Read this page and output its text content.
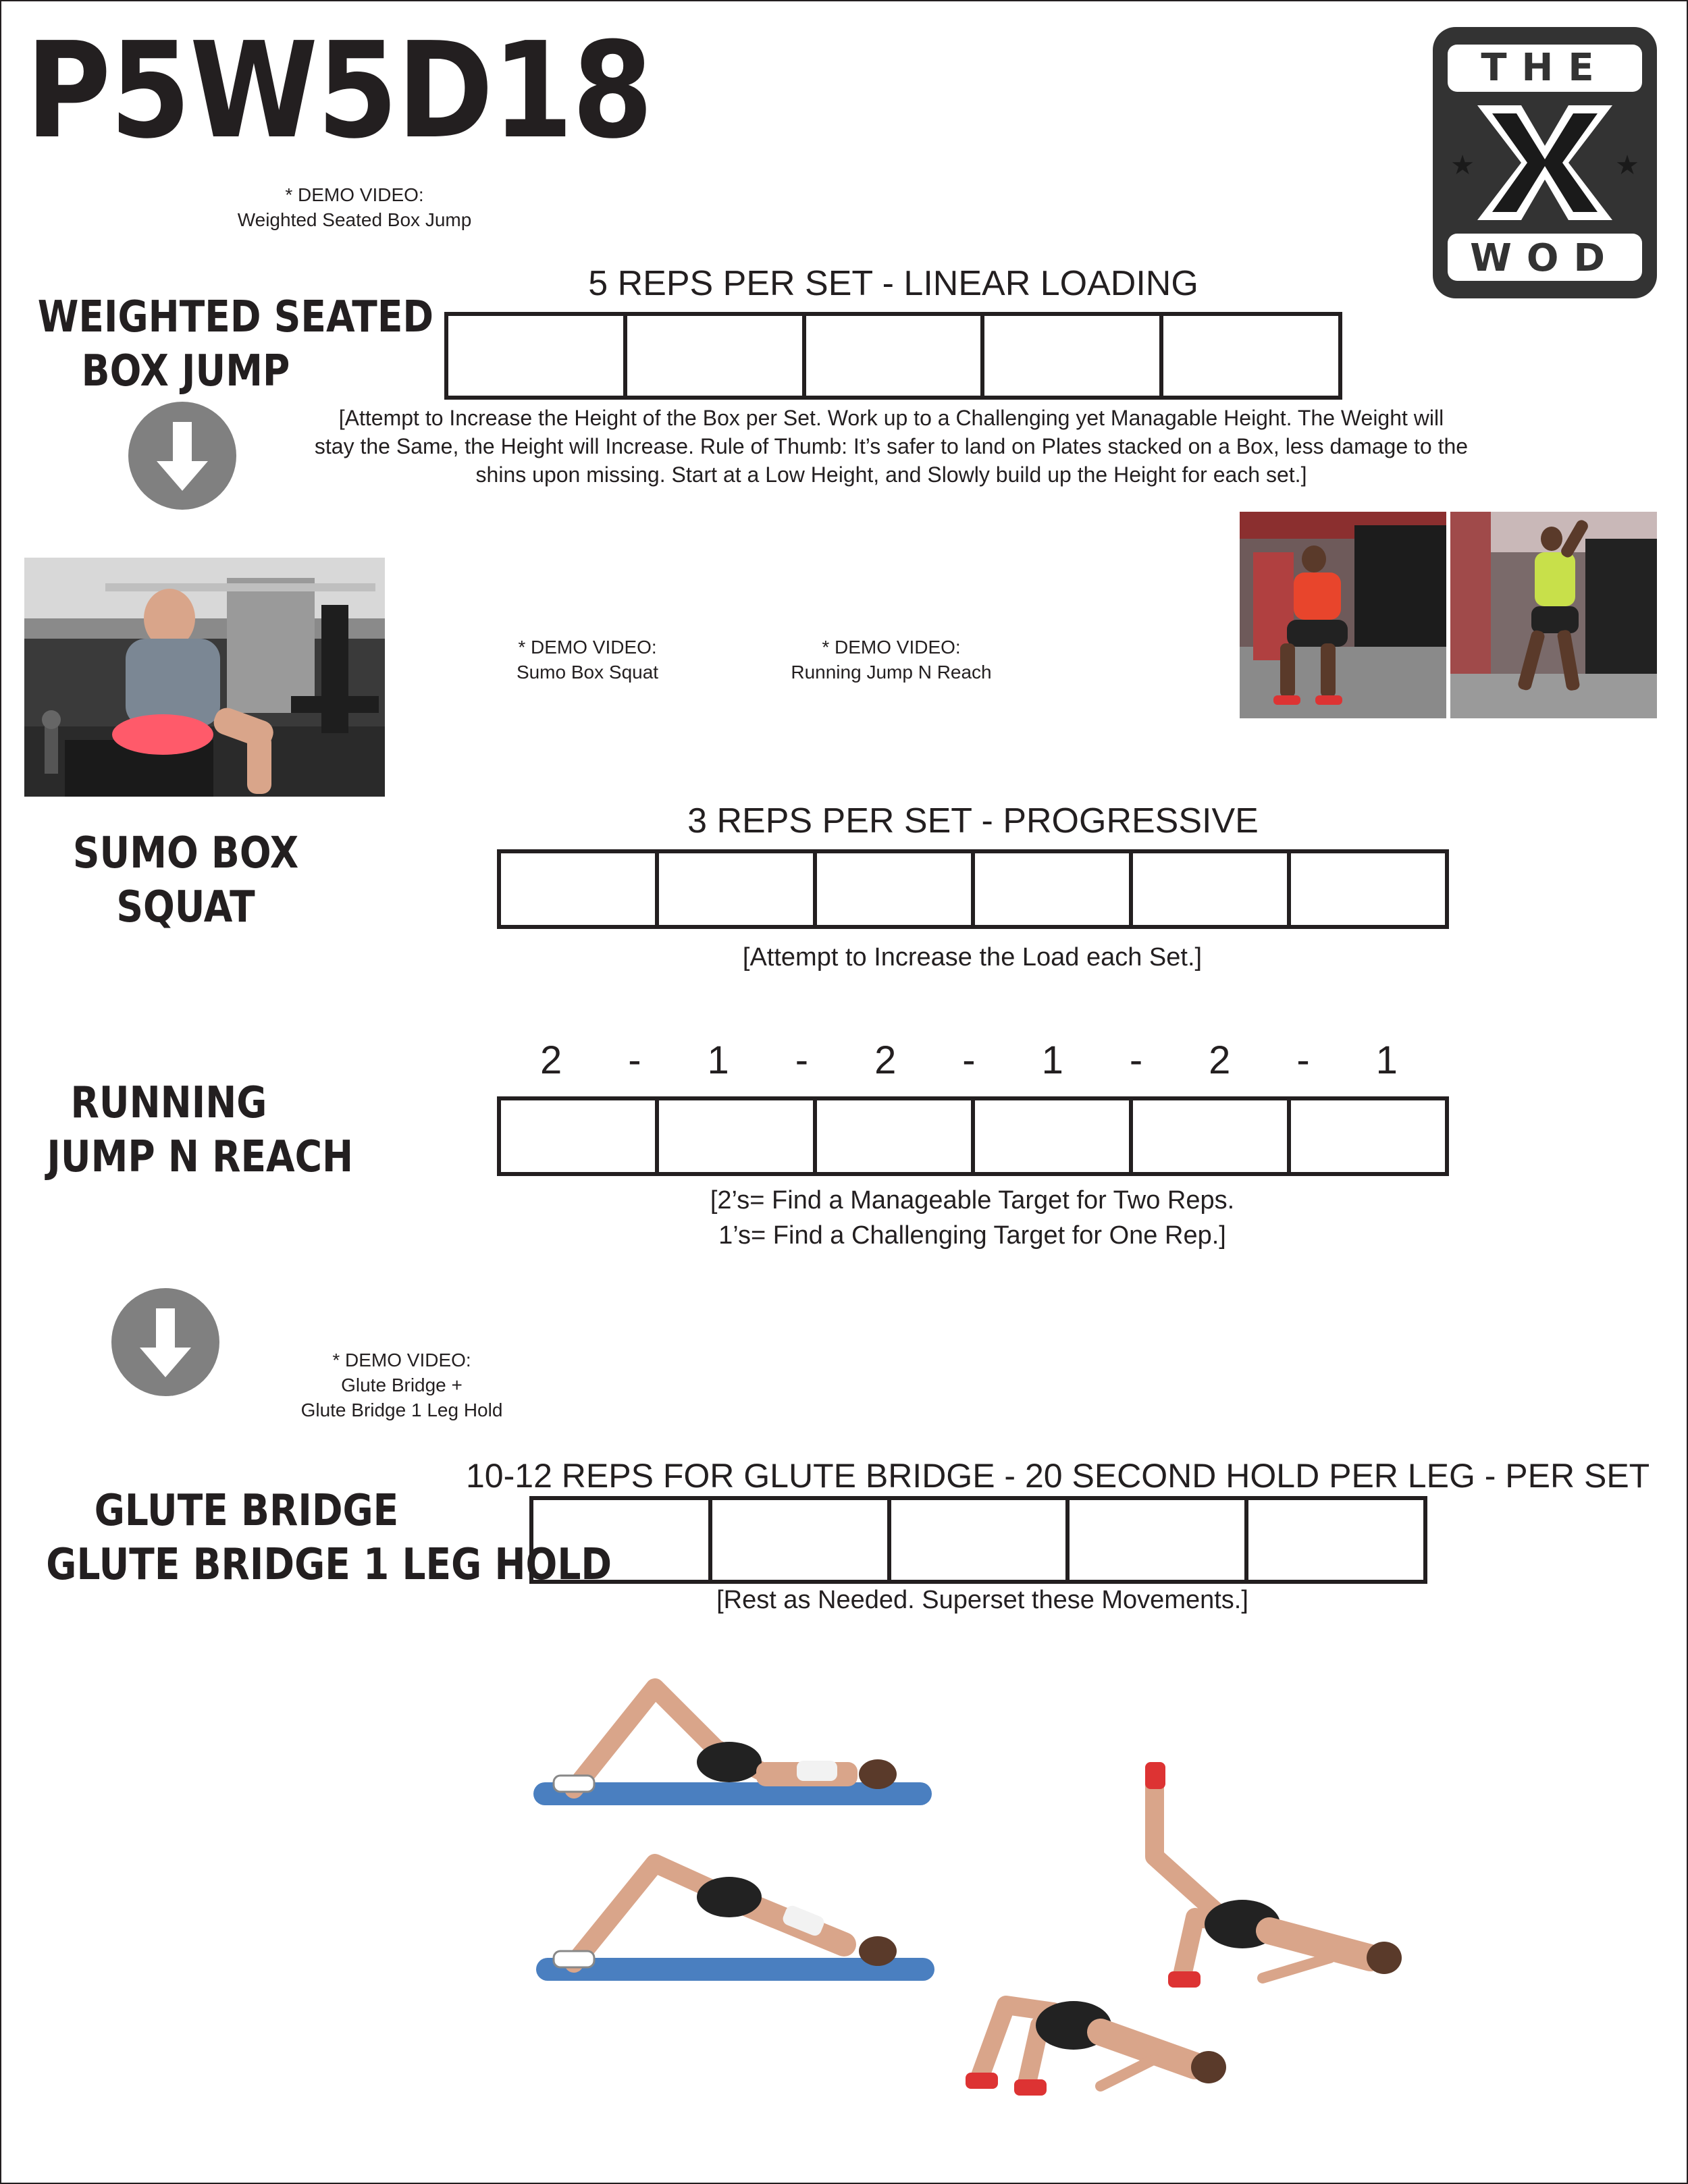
P5W5D18	THE
WOD
★	★
* DEMO VIDEO:
Weighted Seated Box Jump
WEIGHTED SEATED
BOX JUMP
5 REPS PER SET - LINEAR LOADING
[Attempt to Increase the Height of the Box per Set. Work up to a Challenging yet Managable Height. The Weight will
stay the Same, the Height will Increase. Rule of Thumb: It’s safer to land on Plates stacked on a Box, less damage to the
shins upon missing. Start at a Low Height, and Slowly build up the Height for each set.]
* DEMO VIDEO:
Sumo Box Squat
* DEMO VIDEO:
Running Jump N Reach
SUMO BOX
SQUAT
3 REPS PER SET - PROGRESSIVE
[Attempt to Increase the Load each Set.]
RUNNING
JUMP N REACH
2 - 1 - 2 - 1 - 2 - 1
[2’s= Find a Manageable Target for Two Reps.
1’s= Find a Challenging Target for One Rep.]
* DEMO VIDEO:
Glute Bridge +
Glute Bridge 1 Leg Hold
GLUTE BRIDGE
GLUTE BRIDGE 1 LEG HOLD
10-12 REPS FOR GLUTE BRIDGE - 20 SECOND HOLD PER LEG - PER SET
[Rest as Needed. Superset these Movements.]
